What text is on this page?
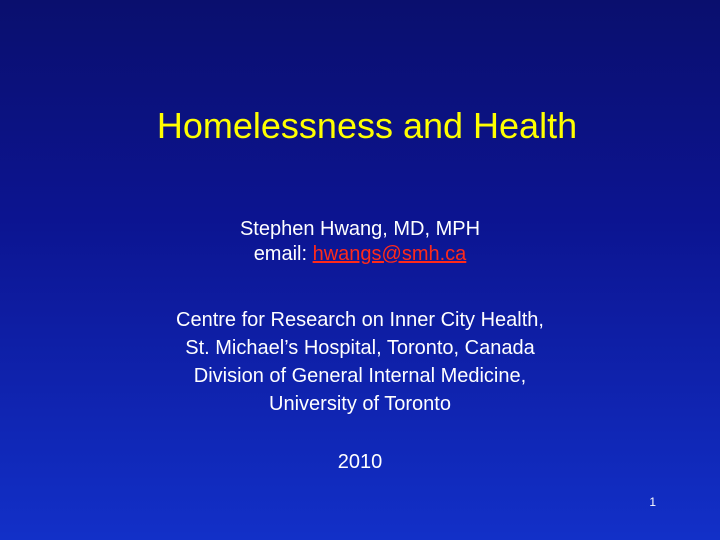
Homelessness and Health
Stephen Hwang, MD, MPH
email: hwangs@smh.ca
Centre for Research on Inner City Health,
St. Michael’s Hospital, Toronto, Canada
Division of General Internal Medicine,
University of Toronto
2010
1
